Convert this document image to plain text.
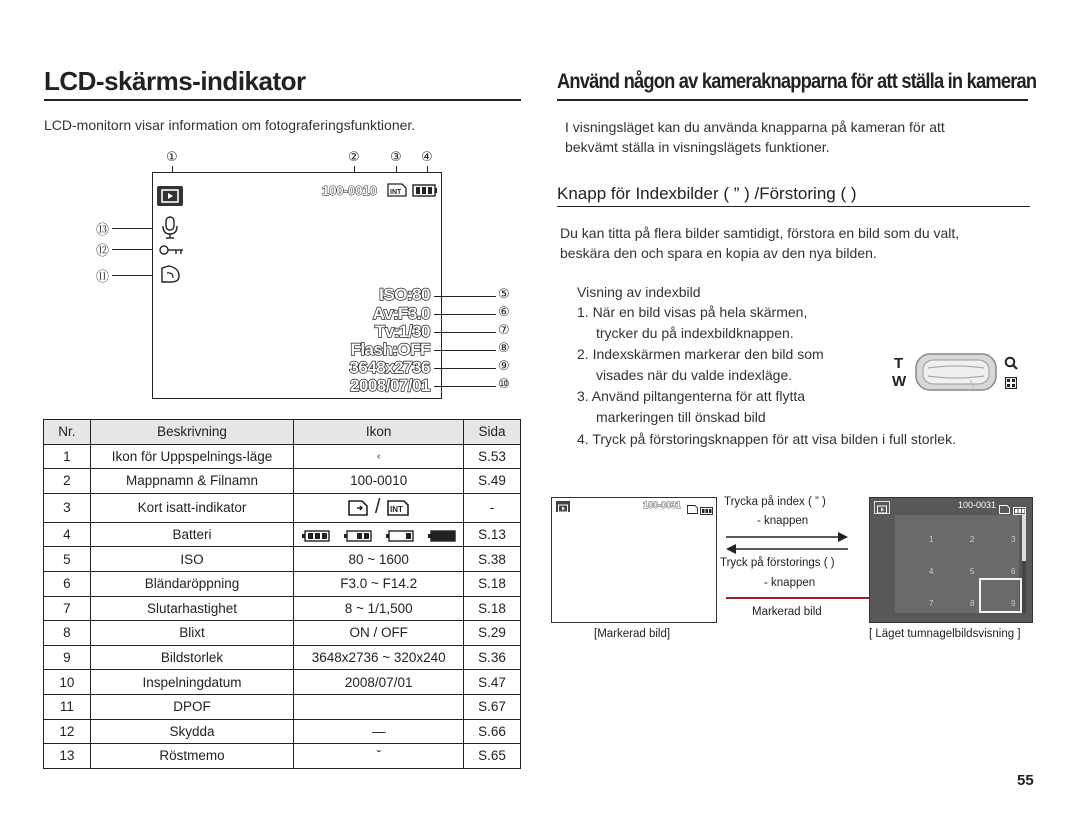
LCD-skärms-indikator
LCD-monitorn visar information om fotograferingsfunktioner.
①	② ③ ④
⑬
⑫
⑪
100-0010 INT
ISO:80
Av:F3.0
Tv:1/30
Flash:OFF
3648x2736
2008/07/01
⑤
⑥
⑦
⑧
⑨
⑩
Nr.	Beskrivning	Ikon	Sida
1	Ikon för Uppspelnings-läge	‹	S.53
2	Mappnamn & Filnamn	100-0010	S.49
3	Kort isatt-indikator	/ INT	-
4	Batteri		S.13
5	ISO	80 ~ 1600	S.38
6	Bländaröppning	F3.0 ~ F14.2	S.18
7	Slutarhastighet	8 ~ 1/1,500	S.18
8	Blixt	ON / OFF	S.29
9	Bildstorlek	3648x2736 ~ 320x240	S.36
10	Inspelningdatum	2008/07/01	S.47
11	DPOF		S.67
12	Skydda	—	S.66
13	Röstmemo	ˇ	S.65
Använd någon av kameraknapparna för att ställa in kameran
I visningsläget kan du använda knapparna på kameran för att
bekvämt ställa in visningslägets funktioner.
Knapp för Indexbilder ( ” ) /Förstoring ( )
Du kan titta på flera bilder samtidigt, förstora en bild som du valt,
beskära den och spara en kopia av den nya bilden.
Visning av indexbild
1. När en bild visas på hela skärmen,
trycker du på indexbildknappen.
2. Indexskärmen markerar den bild som
visades när du valde indexläge.
3. Använd piltangenterna för att flytta
markeringen till önskad bild
4. Tryck på förstoringsknappen för att visa bilden i full storlek.
T
W
100-0031
[Markerad bild]
Trycka på index ( ” )
- knappen
Tryck på förstorings ( )
- knappen
Markerad bild
100-0031
1	2	3
4	5	6
7	8	9
[ Läget tumnagelbildsvisning ]
55
